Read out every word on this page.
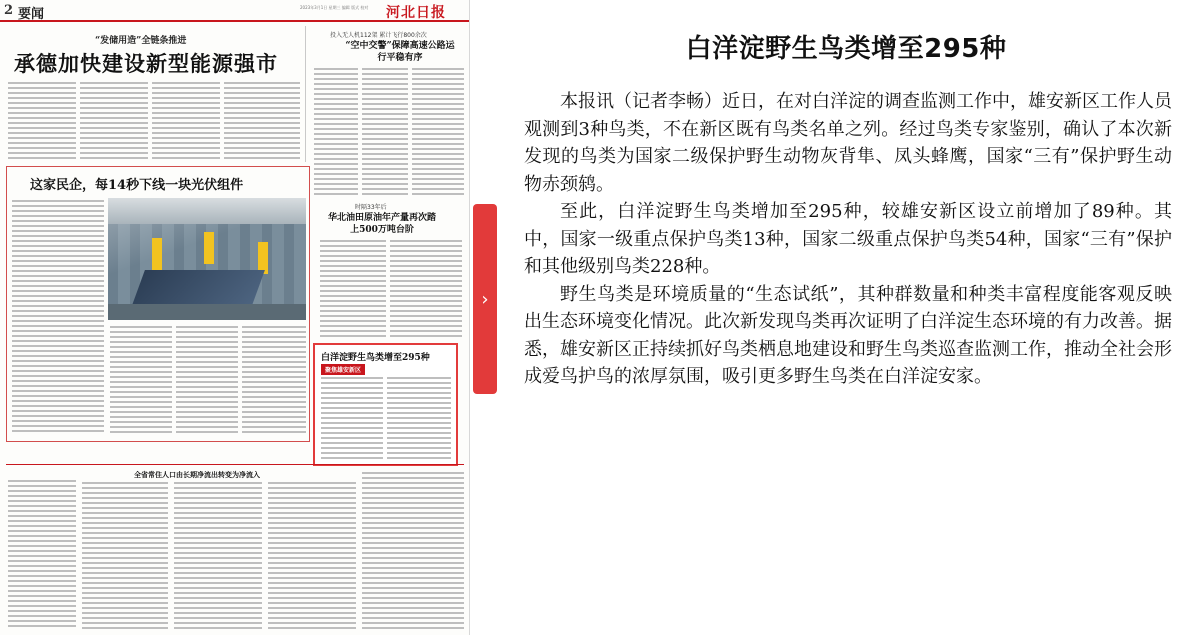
2 要闻	2023年3月1日 星期三 编辑 版式 校对	河北日报
“发储用造”全链条推进
承德加快建设新型能源强市
投入无人机112架 累计飞行800余次
“空中交警”保障高速公路运行平稳有序
这家民企，每14秒下线一块光伏组件
时隔33年后
华北油田原油年产量再次踏上500万吨台阶
白洋淀野生鸟类增至295种
聚焦雄安新区
全省常住人口由长期净流出转变为净流入
›
白洋淀野生鸟类增至295种

本报讯（记者李畅）近日，在对白洋淀的调查监测工作中，雄安新区工作人员观测到3种鸟类，不在新区既有鸟类名单之列。经过鸟类专家鉴别，确认了本次新发现的鸟类为国家二级保护野生动物灰背隼、凤头蜂鹰，国家“三有”保护野生动物赤颈鸫。

至此，白洋淀野生鸟类增加至295种，较雄安新区设立前增加了89种。其中，国家一级重点保护鸟类13种，国家二级重点保护鸟类54种，国家“三有”保护和其他级别鸟类228种。

野生鸟类是环境质量的“生态试纸”，其种群数量和种类丰富程度能客观反映出生态环境变化情况。此次新发现鸟类再次证明了白洋淀生态环境的有力改善。据悉，雄安新区正持续抓好鸟类栖息地建设和野生鸟类巡查监测工作，推动全社会形成爱鸟护鸟的浓厚氛围，吸引更多野生鸟类在白洋淀安家。
